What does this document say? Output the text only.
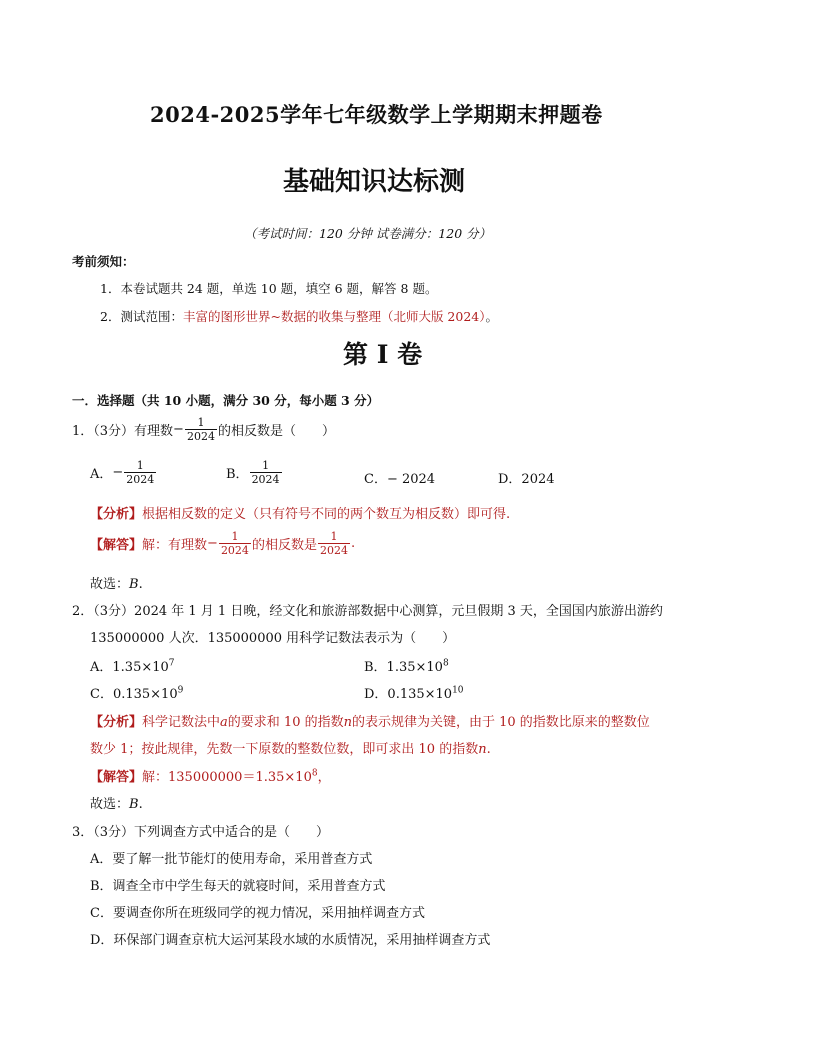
2024-2025学年七年级数学上学期期末押题卷
基础知识达标测
（考试时间：120 分钟 试卷满分：120 分）
考前须知：
1．本卷试题共 24 题，单选 10 题，填空 6 题，解答 8 题。
2．测试范围：丰富的图形世界~数据的收集与整理（北师大版 2024）。
第 I 卷
一．选择题（共 10 小题，满分 30 分，每小题 3 分）
1．（3分）有理数 − $\frac{1}{2024}$ 的相反数是（　　）
A． − $\frac{1}{2024}$	B． $\frac{1}{2024}$	C．− 2024	D．2024
【分析】根据相反数的定义（只有符号不同的两个数互为相反数）即可得.
【解答】 解：有理数 − $\frac{1}{2024}$ 的相反数是 $\frac{1}{2024}$ .
故选：B.
2．（3分）2024 年 1 月 1 日晚，经文化和旅游部数据中心测算，元旦假期 3 天，全国国内旅游出游约
135000000 人次．135000000 用科学记数法表示为（　　）
A．$1.35\times 10^7$	B．$1.35\times 10^8$
C．$0.135\times 10^9$	D．$0.135\times 10^{10}$
【分析】科学记数法中a的要求和 10 的指数n的表示规律为关键，由于 10 的指数比原来的整数位
数少 1；按此规律，先数一下原数的整数位数，即可求出 10 的指数n.
【解答】解：$135000000=1.35\times 10^8$，
故选：B.
3．（3分）下列调查方式中适合的是（　　）
A．要了解一批节能灯的使用寿命，采用普查方式
B．调查全市中学生每天的就寝时间，采用普查方式
C．要调查你所在班级同学的视力情况，采用抽样调查方式
D．环保部门调查京杭大运河某段水域的水质情况，采用抽样调查方式
